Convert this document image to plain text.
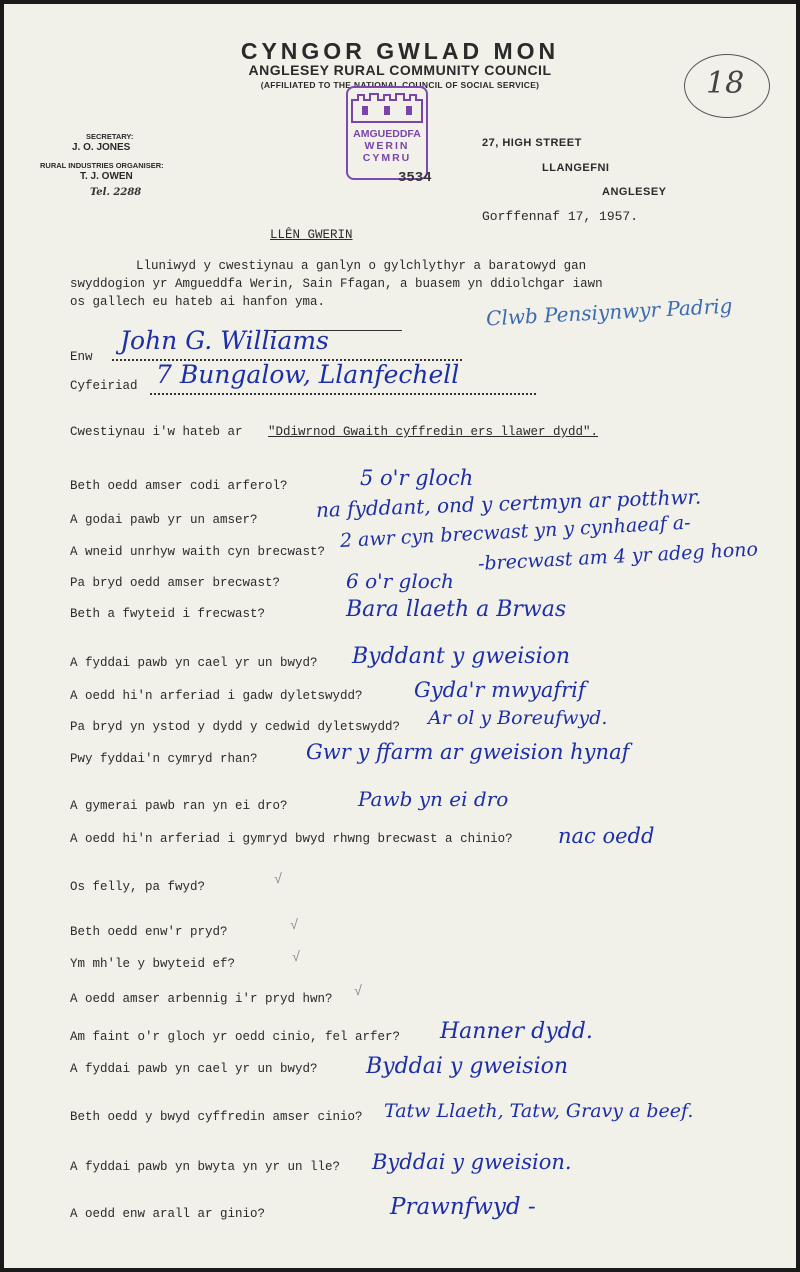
CYNGOR GWLAD MON
ANGLESEY RURAL COMMUNITY COUNCIL
(AFFILIATED TO THE NATIONAL COUNCIL OF SOCIAL SERVICE)
SECRETARY:
J. O. JONES
RURAL INDUSTRIES ORGANISER:
T. J. OWEN
Tel. 2288
AMGUEDDFA
WERIN
CYMRU
3534
18
27, HIGH STREET
LLANGEFNI
ANGLESEY
Gorffennaf 17, 1957.
LLÊN GWERIN
Lluniwyd y cwestiynau a ganlyn o gylchlythyr a baratowyd gan
swyddogion yr Amgueddfa Werin, Sain Ffagan, a buasem yn ddiolchgar iawn
os gallech eu hateb ai hanfon yma.	Clwb Pensiynwyr Padrig
Enw
John G. Williams
Cyfeiriad 7 Bungalow, Llanfechell
Cwestiynau i'w hateb ar "Ddiwrnod Gwaith cyffredin ers llawer dydd".
Beth oedd amser codi arferol?	5 o'r gloch
A godai pawb yr un amser?	na fyddant, ond y certmyn ar potthwr.
A wneid unrhyw waith cyn brecwast?
2 awr cyn brecwast yn y cynhaeaf a-
-brecwast am 4 yr adeg hono
Pa bryd oedd amser brecwast?	6 o'r gloch
Beth a fwyteid i frecwast?	Bara llaeth a Brwas
A fyddai pawb yn cael yr un bwyd? Byddant y gweision
A oedd hi'n arferiad i gadw dyletswydd? Gyda'r mwyafrif
Pa bryd yn ystod y dydd y cedwid dyletswydd? Ar ol y Boreufwyd.
Pwy fyddai'n cymryd rhan? Gwr y ffarm ar gweision hynaf
A gymerai pawb ran yn ei dro?	Pawb yn ei dro
A oedd hi'n arferiad i gymryd bwyd rhwng brecwast a chinio? nac oedd
Os felly, pa fwyd?	√
Beth oedd enw'r pryd?	√
Ym mh'le y bwyteid ef?	√
A oedd amser arbennig i'r pryd hwn? √
Am faint o'r gloch yr oedd cinio, fel arfer? Hanner dydd.
A fyddai pawb yn cael yr un bwyd? Byddai y gweision
Beth oedd y bwyd cyffredin amser cinio? Tatw Llaeth, Tatw, Gravy a beef.
A fyddai pawb yn bwyta yn yr un lle? Byddai y gweision.
A oedd enw arall ar ginio?	Prawnfwyd -
